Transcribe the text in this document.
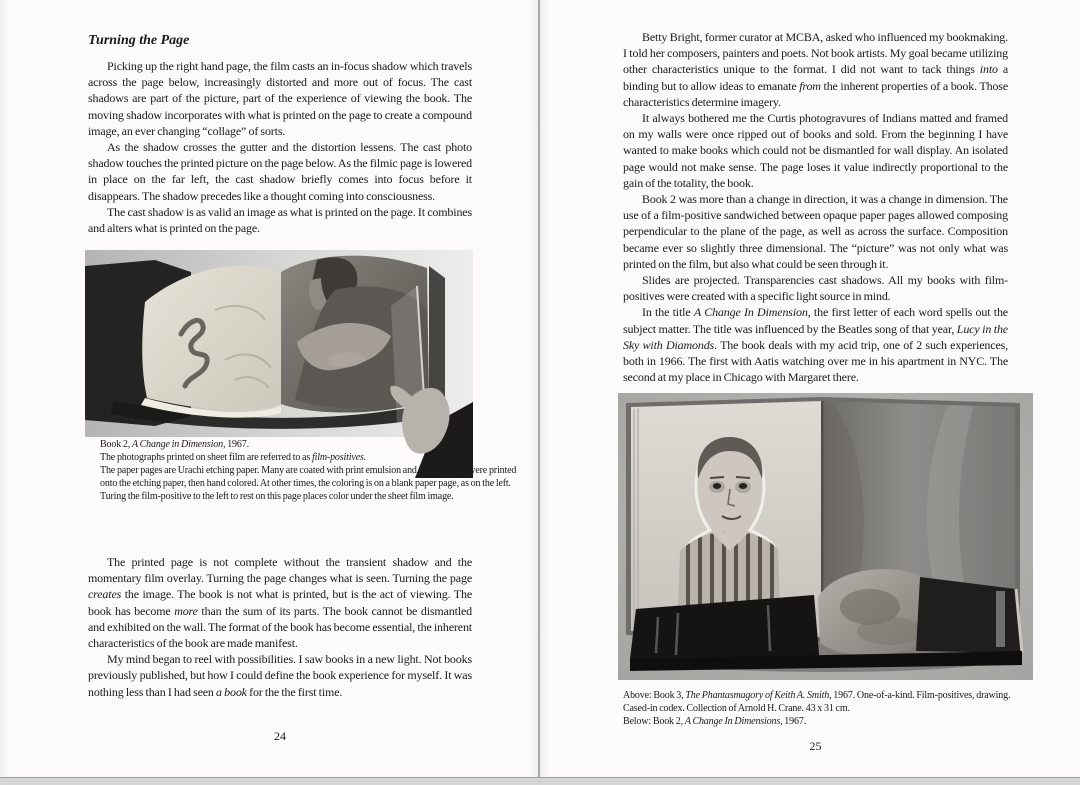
Turning the Page

Picking up the right hand page, the film casts an in-focus shadow which travels across the page below, increasingly distorted and more out of focus. The cast shadows are part of the picture, part of the experience of viewing the book. The moving shadow incorporates with what is printed on the page to create a compound image, an ever changing “collage” of sorts.

As the shadow crosses the gutter and the distortion lessens. The cast photo shadow touches the printed picture on the page below. As the filmic page is lowered in place on the far left, the cast shadow briefly comes into focus before it disappears. The shadow precedes like a thought coming into consciousness.

The cast shadow is as valid an image as what is printed on the page. It combines and alters what is printed on the page.

Book 2, A Change in Dimension, 1967.
The photographs printed on sheet film are referred to as film-positives.
The paper pages are Urachi etching paper. Many are coated with print emulsion and photographs were printed onto the etching paper, then hand colored. At other times, the coloring is on a blank paper page, as on the left. Turing the film-positive to the left to rest on this page places color under the sheet film image.

The printed page is not complete without the transient shadow and the momentary film overlay. Turning the page changes what is seen. Turning the page creates the image. The book is not what is printed, but is the act of viewing. The book has become more than the sum of its parts. The book cannot be dismantled and exhibited on the wall. The format of the book has become essential, the inherent characteristics of the book are made manifest.

My mind began to reel with possibilities. I saw books in a new light. Not books previously published, but how I could define the book experience for myself. It was nothing less than I had seen a book for the the first time.

24

Betty Bright, former curator at MCBA, asked who influenced my bookmaking. I told her composers, painters and poets. Not book artists. My goal became utilizing other characteristics unique to the format. I did not want to tack things into a binding but to allow ideas to emanate from the inherent properties of a book. Those characteristics determine imagery.

It always bothered me the Curtis photogravures of Indians matted and framed on my walls were once ripped out of books and sold. From the beginning I have wanted to make books which could not be dismantled for wall display. An isolated page would not make sense. The page loses it value indirectly proportional to the gain of the totality, the book.

Book 2 was more than a change in direction, it was a change in dimension. The use of a film-positive sandwiched between opaque paper pages allowed composing perpendicular to the plane of the page, as well as across the surface. Composition became ever so slightly three dimensional. The “picture” was not only what was printed on the film, but also what could be seen through it.

Slides are projected. Transparencies cast shadows. All my books with film-positives were created with a specific light source in mind.

In the title A Change In Dimension, the first letter of each word spells out the subject matter. The title was influenced by the Beatles song of that year, Lucy in the Sky with Diamonds. The book deals with my acid trip, one of 2 such experiences, both in 1966. The first with Aatis watching over me in his apartment in NYC. The second at my place in Chicago with Margaret there.

Above: Book 3, The Phantasmagory of Keith A. Smith, 1967. One-of-a-kind. Film-positives, drawing. Cased-in codex. Collection of Arnold H. Crane. 43 x 31 cm.
Below: Book 2, A Change In Dimensions, 1967.
25
